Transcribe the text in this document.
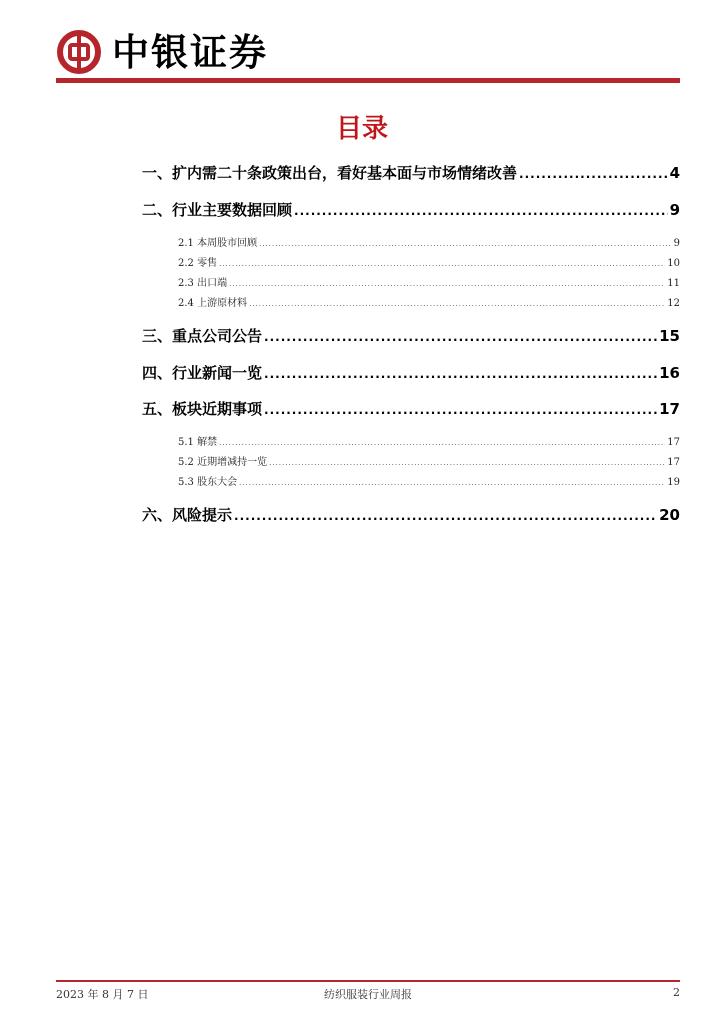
中银证券
目录
一、扩内需二十条政策出台，看好基本面与市场情绪改善 .....	4
二、行业主要数据回顾 .....	9
2.1 本周股市回顾 .....	9
2.2 零售 .....	10
2.3 出口端 .....	11
2.4 上游原材料 .....	12
三、重点公司公告 .....	15
四、行业新闻一览 .....	16
五、板块近期事项 .....	17
5.1 解禁 .....	17
5.2 近期增减持一览 .....	17
5.3 股东大会 .....	19
六、风险提示 .....	20
2023 年 8 月 7 日	纺织服装行业周报	2
